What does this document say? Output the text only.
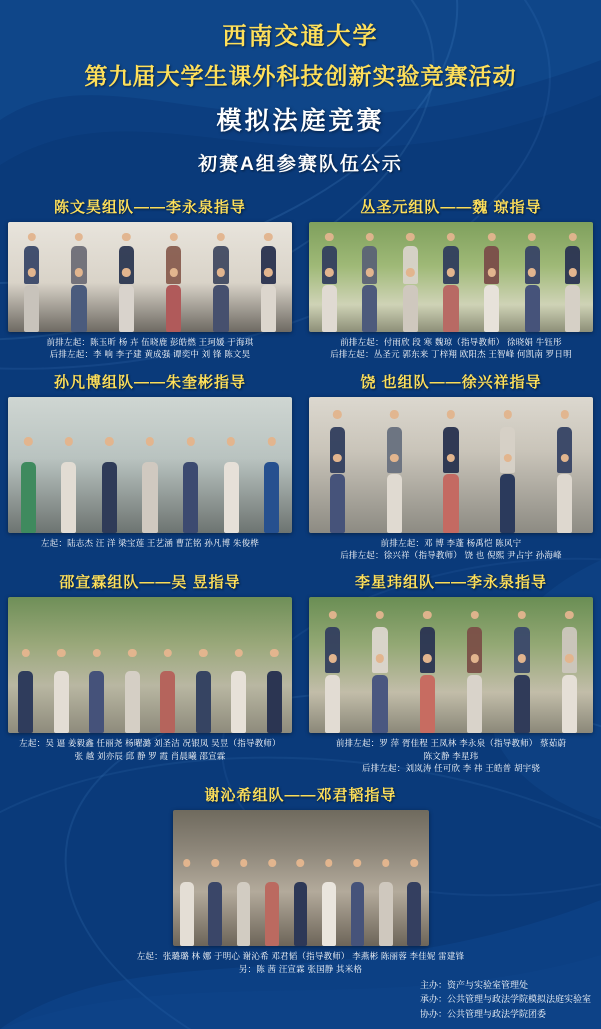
西南交通大学
第九届大学生课外科技创新实验竞赛活动
模拟法庭竞赛
初赛A组参赛队伍公示
陈文昊组队——李永泉指导
前排左起：陈玉昕 杨 卉 伍晓鹿 彭皓燃 王珂媛 于海琪
后排左起：李 响 李子建 黄成强 谭奕中 刘 锋 陈文昊
丛圣元组队——魏 琼指导
前排左起：付雨欣 段 寒 魏琼（指导教师） 徐晓娟 牛钰彤
后排左起：丛圣元 郭东来 丁梓翔 欧阳杰 王智峰 何凯南 罗日明
孙凡博组队——朱奎彬指导
左起：陆志杰 汪 洋 梁宝莲 王艺涵 曹芷铭 孙凡博 朱俊桦
饶 也组队——徐兴祥指导
前排左起：邓 博 李蓬 杨禹恺 陈风宁
后排左起：徐兴祥（指导教师） 饶 也 倪熙 尹占宇 孙海峰
邵宣霖组队——吴 昱指导
左起：吴 逼 姜毅鑫 任丽尧 杨曜潞 刘圣洁 况银凤 吴昱（指导教师）
张 越 刘亦辰 邱 静 罗 霞 肖晨曦 邵宣霖
李星玮组队——李永泉指导
前排左起：罗 萍 胥佳程 王凤林 李永泉（指导教师） 蔡茹蔚
陈文静 李星玮
后排左起：刘岚涛 任可欣 李 祎 王皓普 胡宇骁
谢沁希组队——邓君韬指导
左起：张璐璐 林 娜 于明心 谢沁希 邓君韬（指导教师） 李燕彬 陈丽蓉 李佳妮 雷建锋
另：陈 茜 汪宣霖 张国静 其米格
主办：资产与实验室管理处
承办：公共管理与政法学院模拟法庭实验室
协办：公共管理与政法学院团委
